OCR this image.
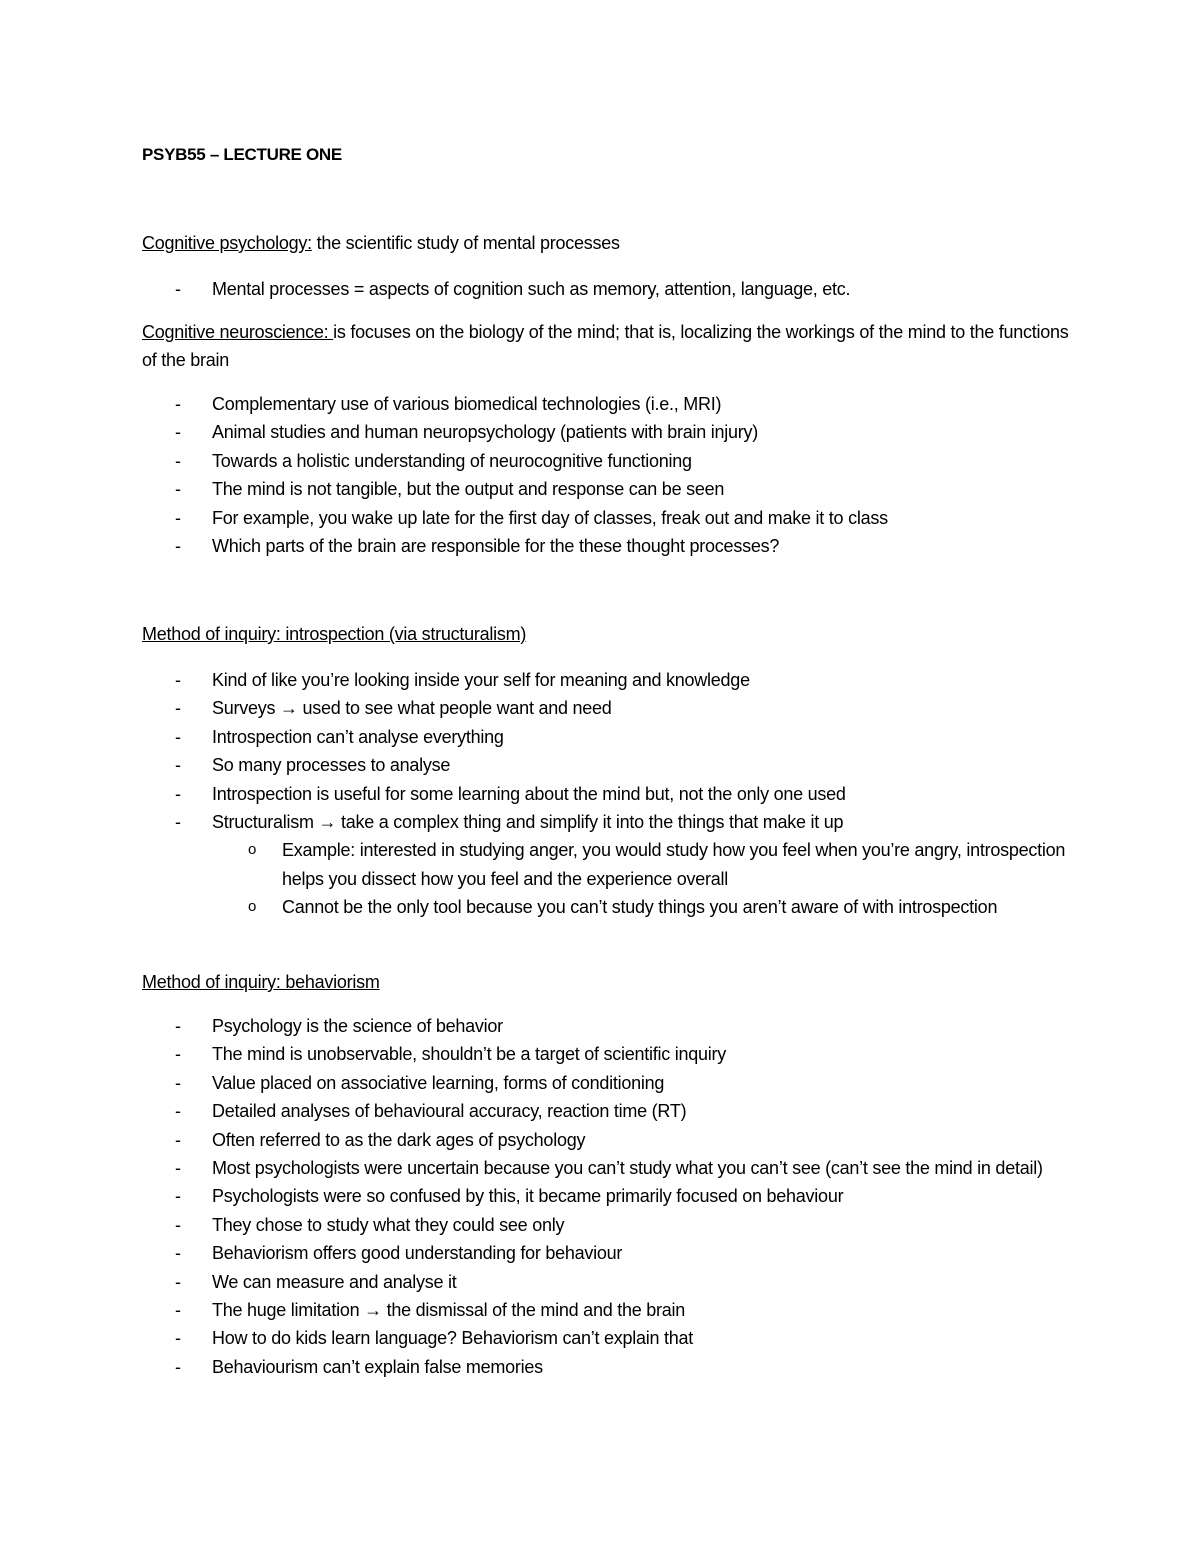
PSYB55 – LECTURE ONE

Cognitive psychology: the scientific study of mental processes

- Mental processes = aspects of cognition such as memory, attention, language, etc.

Cognitive neuroscience: is focuses on the biology of the mind; that is, localizing the workings of the mind to the functions of the brain

- Complementary use of various biomedical technologies (i.e., MRI)
- Animal studies and human neuropsychology (patients with brain injury)
- Towards a holistic understanding of neurocognitive functioning
- The mind is not tangible, but the output and response can be seen
- For example, you wake up late for the first day of classes, freak out and make it to class
- Which parts of the brain are responsible for the these thought processes?

Method of inquiry: introspection (via structuralism)

- Kind of like you’re looking inside your self for meaning and knowledge
- Surveys → used to see what people want and need
- Introspection can’t analyse everything
- So many processes to analyse
- Introspection is useful for some learning about the mind but, not the only one used
- Structuralism → take a complex thing and simplify it into the things that make it up
o Example: interested in studying anger, you would study how you feel when you’re angry, introspection helps you dissect how you feel and the experience overall
o Cannot be the only tool because you can’t study things you aren’t aware of with introspection

Method of inquiry: behaviorism

- Psychology is the science of behavior
- The mind is unobservable, shouldn’t be a target of scientific inquiry
- Value placed on associative learning, forms of conditioning
- Detailed analyses of behavioural accuracy, reaction time (RT)
- Often referred to as the dark ages of psychology
- Most psychologists were uncertain because you can’t study what you can’t see (can’t see the mind in detail)
- Psychologists were so confused by this, it became primarily focused on behaviour
- They chose to study what they could see only
- Behaviorism offers good understanding for behaviour
- We can measure and analyse it
- The huge limitation → the dismissal of the mind and the brain
- How to do kids learn language? Behaviorism can’t explain that
- Behaviourism can’t explain false memories
